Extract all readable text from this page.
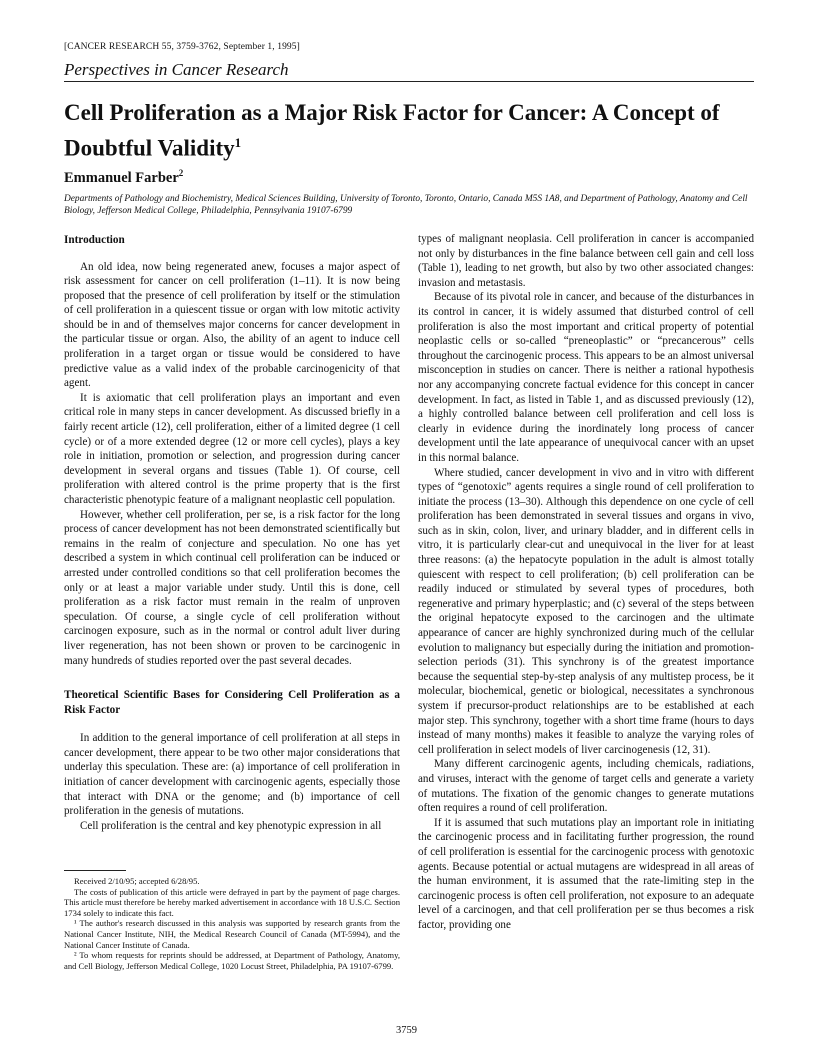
[CANCER RESEARCH 55, 3759-3762, September 1, 1995]
Perspectives in Cancer Research
Cell Proliferation as a Major Risk Factor for Cancer: A Concept of Doubtful Validity$^1$
Emmanuel Farber$^2$
Departments of Pathology and Biochemistry, Medical Sciences Building, University of Toronto, Toronto, Ontario, Canada M5S 1A8, and Department of Pathology, Anatomy and Cell Biology, Jefferson Medical College, Philadelphia, Pennsylvania 19107-6799
Introduction

An old idea, now being regenerated anew, focuses a major aspect of risk assessment for cancer on cell proliferation (1–11). It is now being proposed that the presence of cell proliferation by itself or the stimulation of cell proliferation in a quiescent tissue or organ with low mitotic activity should be in and of themselves major concerns for cancer development in the particular tissue or organ. Also, the ability of an agent to induce cell proliferation in a target organ or tissue would be considered to have predictive value as a valid index of the probable carcinogenicity of that agent.

It is axiomatic that cell proliferation plays an important and even critical role in many steps in cancer development. As discussed briefly in a fairly recent article (12), cell proliferation, either of a limited degree (1 cell cycle) or of a more extended degree (12 or more cell cycles), plays a key role in initiation, promotion or selection, and progression during cancer development in several organs and tissues (Table 1). Of course, cell proliferation with altered control is the prime property that is the first characteristic phenotypic feature of a malignant neoplastic cell population.

However, whether cell proliferation, per se, is a risk factor for the long process of cancer development has not been demonstrated scientifically but remains in the realm of conjecture and speculation. No one has yet described a system in which continual cell proliferation can be induced or arrested under controlled conditions so that cell proliferation becomes the only or at least a major variable under study. Until this is done, cell proliferation as a risk factor must remain in the realm of unproven speculation. Of course, a single cycle of cell proliferation without carcinogen exposure, such as in the normal or control adult liver during liver regeneration, has not been shown or proven to be carcinogenic in many hundreds of studies reported over the past several decades.

Theoretical Scientific Bases for Considering Cell Proliferation as a Risk Factor

In addition to the general importance of cell proliferation at all steps in cancer development, there appear to be two other major considerations that underlay this speculation. These are: (a) importance of cell proliferation in initiation of cancer development with carcinogenic agents, especially those that interact with DNA or the genome; and (b) importance of cell proliferation in the genesis of mutations.

Cell proliferation is the central and key phenotypic expression in all

types of malignant neoplasia. Cell proliferation in cancer is accompanied not only by disturbances in the fine balance between cell gain and cell loss (Table 1), leading to net growth, but also by two other associated changes: invasion and metastasis.

Because of its pivotal role in cancer, and because of the disturbances in its control in cancer, it is widely assumed that disturbed control of cell proliferation is also the most important and critical property of potential neoplastic cells or so-called “preneoplastic” or “precancerous” cells throughout the carcinogenic process. This appears to be an almost universal misconception in studies on cancer. There is neither a rational hypothesis nor any accompanying concrete factual evidence for this concept in cancer development. In fact, as listed in Table 1, and as discussed previously (12), a highly controlled balance between cell proliferation and cell loss is clearly in evidence during the inordinately long process of cancer development until the late appearance of unequivocal cancer with an upset in this normal balance.

Where studied, cancer development in vivo and in vitro with different types of “genotoxic” agents requires a single round of cell proliferation to initiate the process (13–30). Although this dependence on one cycle of cell proliferation has been demonstrated in several tissues and organs in vivo, such as in skin, colon, liver, and urinary bladder, and in different cells in vitro, it is particularly clear-cut and unequivocal in the liver for at least three reasons: (a) the hepatocyte population in the adult is almost totally quiescent with respect to cell proliferation; (b) cell proliferation can be readily induced or stimulated by several types of procedures, both regenerative and primary hyperplastic; and (c) several of the steps between the original hepatocyte exposed to the carcinogen and the ultimate appearance of cancer are highly synchronized during much of the cellular evolution to malignancy but especially during the initiation and promotion-selection periods (31). This synchrony is of the greatest importance because the sequential step-by-step analysis of any multistep process, be it molecular, biochemical, genetic or biological, necessitates a synchronous system if precursor-product relationships are to be established at each major step. This synchrony, together with a short time frame (hours to days instead of many months) makes it feasible to analyze the varying roles of cell proliferation in select models of liver carcinogenesis (12, 31).

Many different carcinogenic agents, including chemicals, radiations, and viruses, interact with the genome of target cells and generate a variety of mutations. The fixation of the genomic changes to generate mutations often requires a round of cell proliferation.

If it is assumed that such mutations play an important role in initiating the carcinogenic process and in facilitating further progression, the round of cell proliferation is essential for the carcinogenic process with genotoxic agents. Because potential or actual mutagens are widespread in all areas of the human environment, it is assumed that the rate-limiting step in the carcinogenic process is often cell proliferation, not exposure to an adequate level of a carcinogen, and that cell proliferation per se thus becomes a risk factor, providing one

Received 2/10/95; accepted 6/28/95.

The costs of publication of this article were defrayed in part by the payment of page charges. This article must therefore be hereby marked advertisement in accordance with 18 U.S.C. Section 1734 solely to indicate this fact.

¹ The author's research discussed in this analysis was supported by research grants from the National Cancer Institute, NIH, the Medical Research Council of Canada (MT-5994), and the National Cancer Institute of Canada.

² To whom requests for reprints should be addressed, at Department of Pathology, Anatomy, and Cell Biology, Jefferson Medical College, 1020 Locust Street, Philadelphia, PA 19107-6799.

3759
